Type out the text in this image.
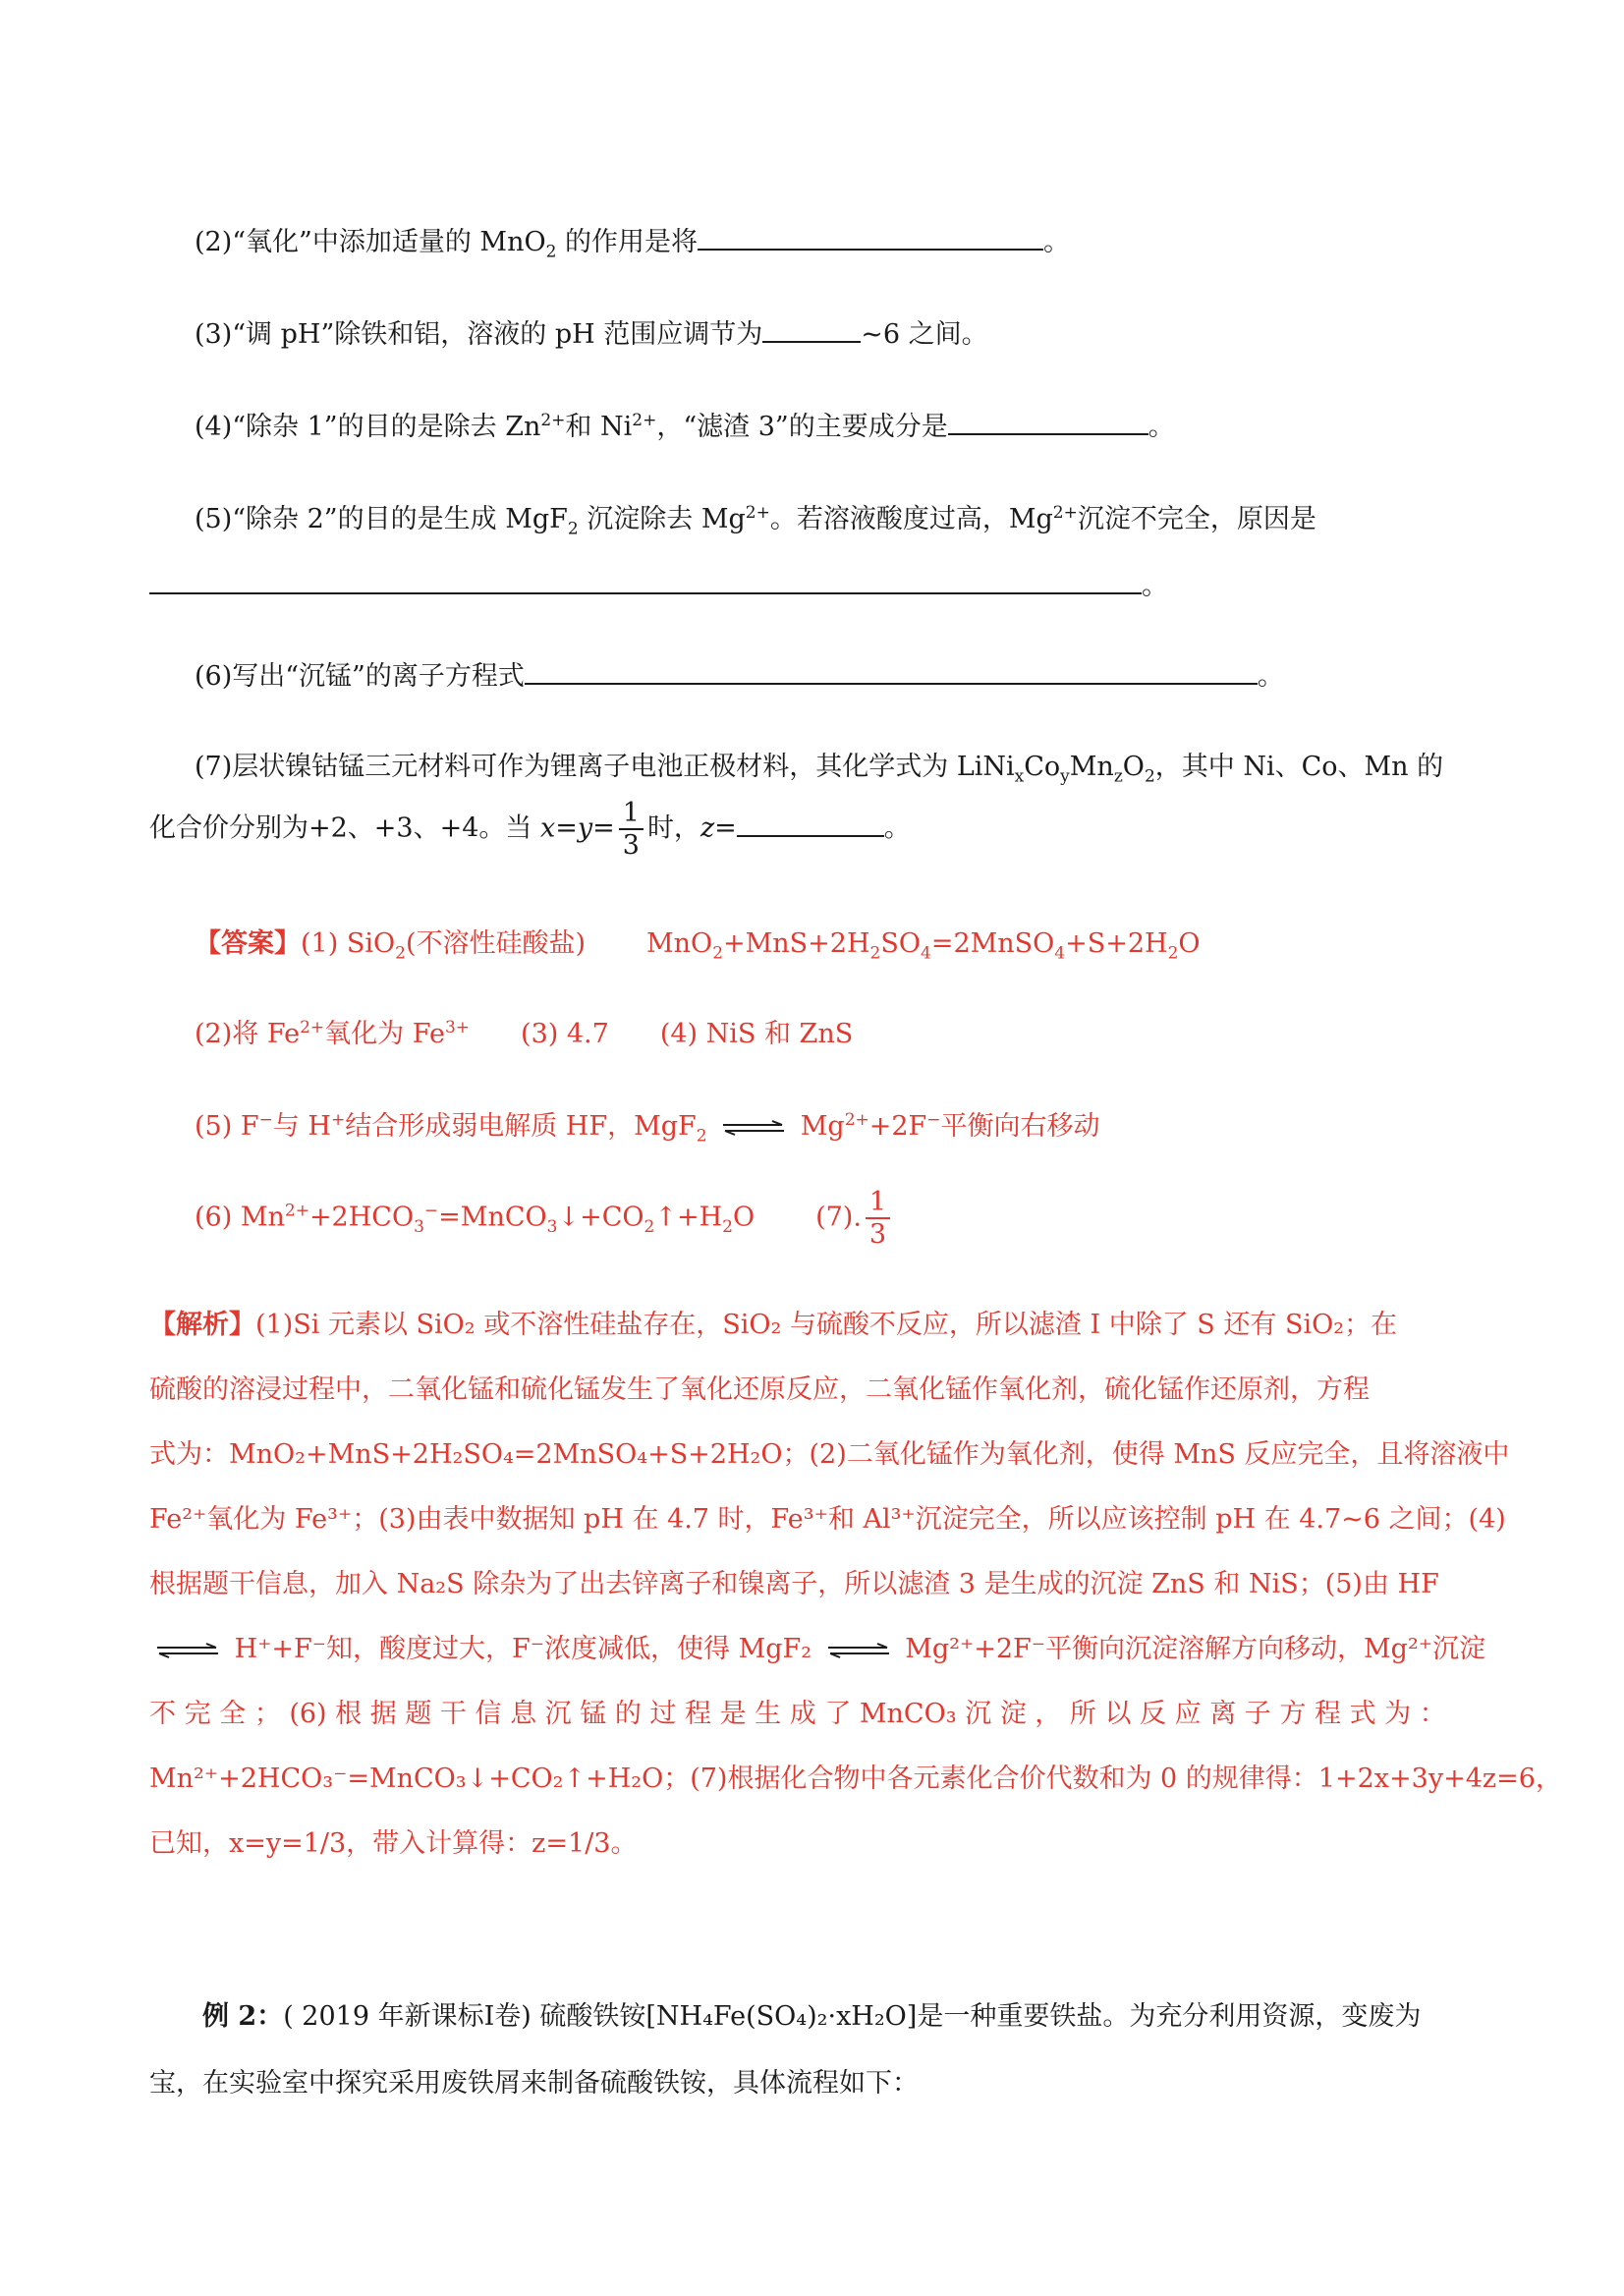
(2)“氧化”中添加适量的 MnO$_2$ 的作用是将	。
(3)“调 pH”除铁和铝，溶液的 pH 范围应调节为	~6 之间。
(4)“除杂 1”的目的是除去 $Zn^{2+}$和 $Ni^{2+}$，“滤渣 3”的主要成分是	。
(5)“除杂 2”的目的是生成 MgF$_2$ 沉淀除去 $Mg^{2+}$。若溶液酸度过高，$Mg^{2+}$沉淀不完全，原因是
。
(6)写出“沉锰”的离子方程式	。
(7)层状镍钴锰三元材料可作为锂离子电池正极材料，其化学式为 $LiNi_xCo_yMn_zO_2$，其中 Ni、Co、Mn 的
化合价分别为+2、+3、+4。当 $x=y= \frac{1}{3}$ 时，z=	。
【答案】(1) SiO$_2$(不溶性硅酸盐) $MnO_2+MnS+2H_2SO_4=2MnSO_4+S+2H_2O$
(2)将 $Fe^{2+}$氧化为 $Fe^{3+}$ (3) 4.7 (4) NiS 和 ZnS
(5) F−与 H+结合形成弱电解质 HF，MgF$_2$ ⇌ $Mg^{2+}+2F^-$平衡向右移动
(6) $Mn^{2+}+2HCO_3^-=MnCO_3↓+CO_2↑+H_2O$ (7). $\frac{1}{3}$
【解析】(1)Si 元素以 SiO₂ 或不溶性硅盐存在，SiO₂ 与硫酸不反应，所以滤渣 I 中除了 S 还有 SiO₂；在
硫酸的溶浸过程中，二氧化锰和硫化锰发生了氧化还原反应，二氧化锰作氧化剂，硫化锰作还原剂，方程
式为：MnO₂+MnS+2H₂SO₄=2MnSO₄+S+2H₂O；(2)二氧化锰作为氧化剂，使得 MnS 反应完全，且将溶液中
Fe²⁺氧化为 Fe³⁺；(3)由表中数据知 pH 在 4.7 时，Fe³⁺和 Al³⁺沉淀完全，所以应该控制 pH 在 4.7~6 之间；(4)
根据题干信息，加入 Na₂S 除杂为了出去锌离子和镍离子，所以滤渣 3 是生成的沉淀 ZnS 和 NiS；(5)由 HF
⇌ H⁺+F⁻知，酸度过大，F⁻浓度减低，使得 MgF₂ ⇌ Mg²⁺+2F⁻平衡向沉淀溶解方向移动，Mg²⁺沉淀
不 完 全 ； (6) 根 据 题 干 信 息 沉 锰 的 过 程 是 生 成 了 MnCO₃ 沉 淀 ， 所 以 反 应 离 子 方 程 式 为 ：
Mn²⁺+2HCO₃⁻=MnCO₃↓+CO₂↑+H₂O；(7)根据化合物中各元素化合价代数和为 0 的规律得：1+2x+3y+4z=6，
已知，x=y=1/3，带入计算得：z=1/3。
例 2：( 2019 年新课标Ⅰ卷) 硫酸铁铵[NH₄Fe(SO₄)₂·xH₂O]是一种重要铁盐。为充分利用资源，变废为
宝，在实验室中探究采用废铁屑来制备硫酸铁铵，具体流程如下：
